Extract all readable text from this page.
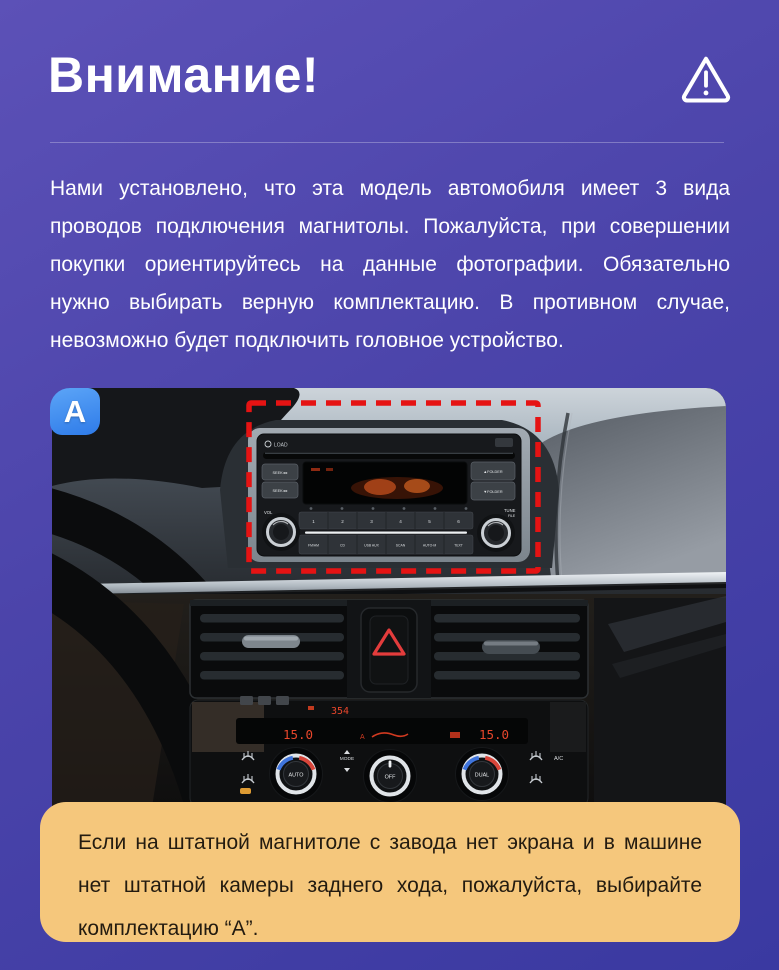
Внимание!
Нами установлено, что эта модель автомобиля имеет 3 вида
проводов подключения магнитолы. Пожалуйста, при совершении
покупки ориентируйтесь на данные фотографии. Обязательно
нужно выбирать верную комплектацию. В противном случае,
невозможно будет подключить головное устройство.
LOAD
SEEK ▸▸
SEEK ▸▸
▲FOLDER
▼FOLDER
1	2	3	4	5	6
FM/AM	CD	USB AUX	SCAN	AUTO-M	TEXT
VOL	TUNE
FILE
354
15.0	15.0
A
MODE	A/C
AUTO	OFF	DUAL
A
Если на штатной магнитоле с завода нет экрана и в машине
нет штатной камеры заднего хода, пожалуйста, выбирайте
комплектацию “А”.
